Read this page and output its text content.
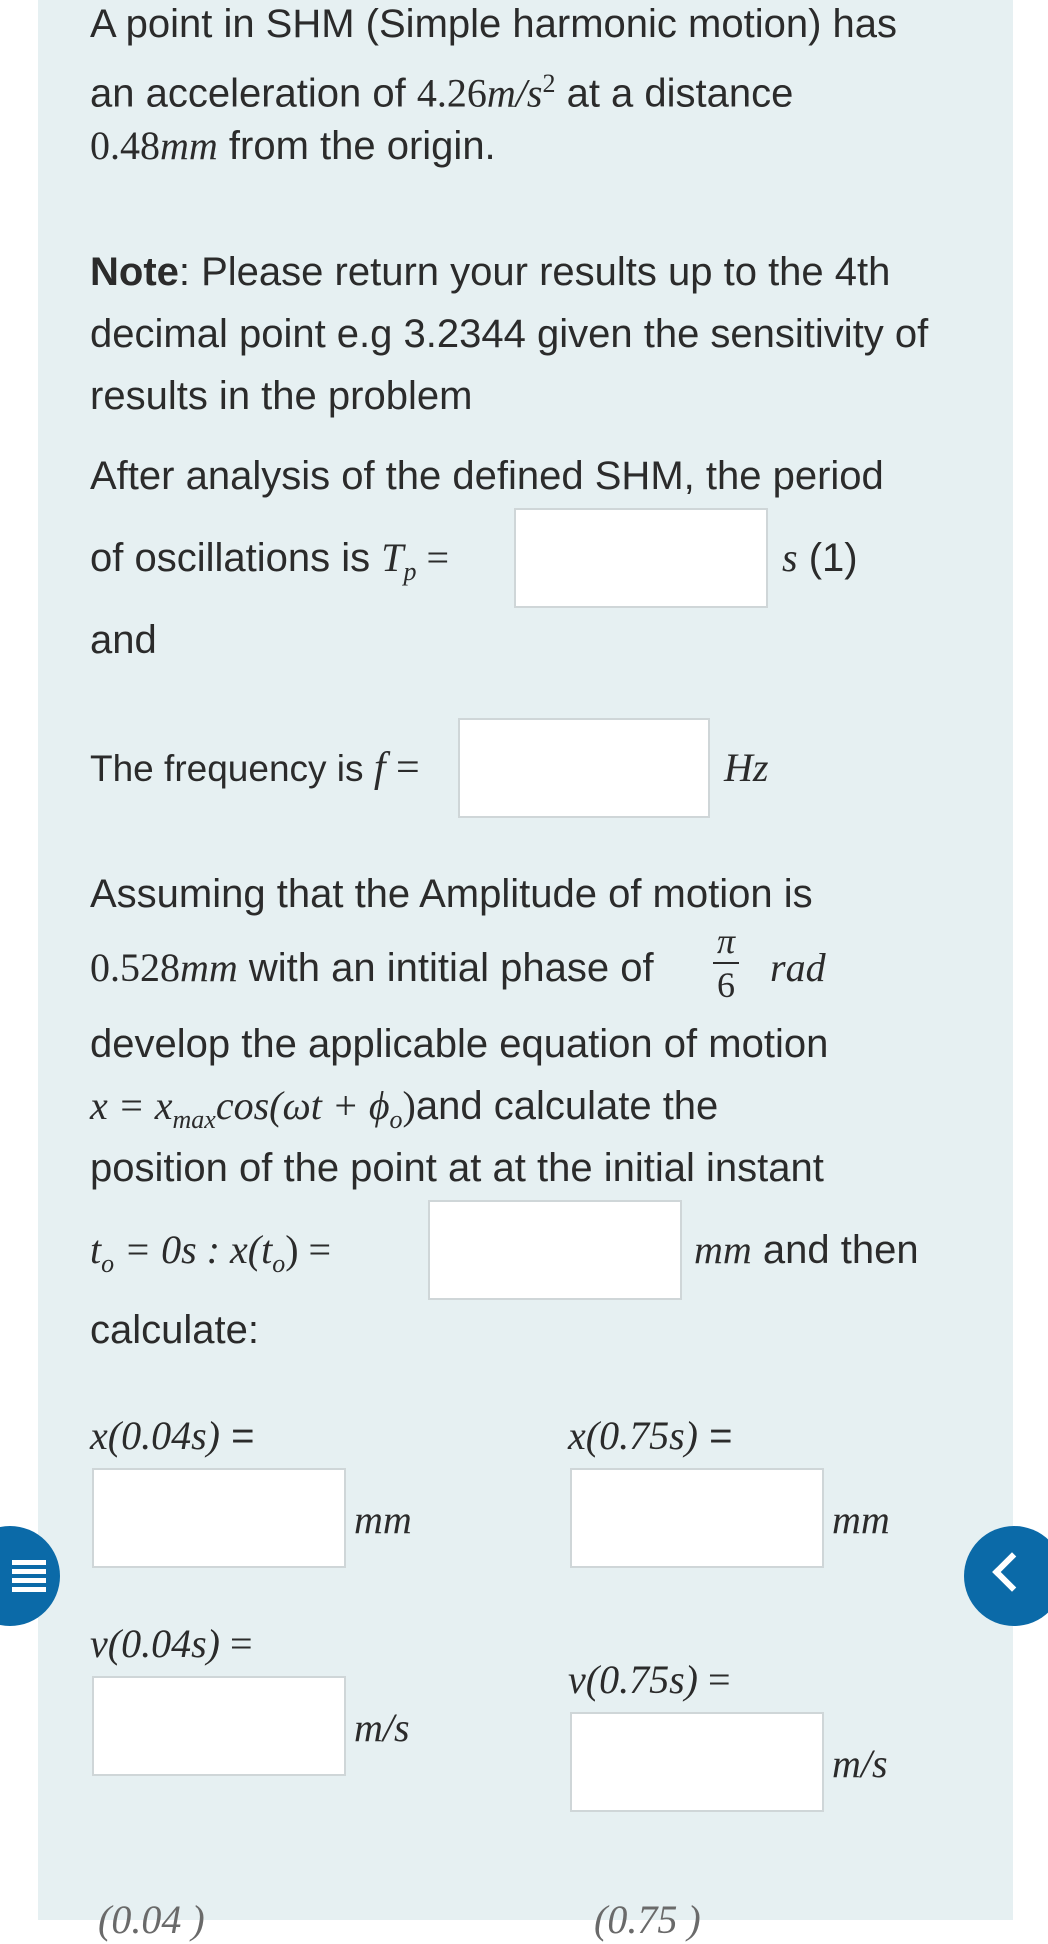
A point in SHM (Simple harmonic motion) has
an acceleration of $4.26m/s^2$ at a distance
0.48mm from the origin.
Note: Please return your results up to the 4th
decimal point e.g 3.2344 given the sensitivity of
results in the problem
After analysis of the defined SHM, the period
of oscillations is $T_p$ =	s (1)
and
The frequency is f =	Hz
Assuming that the Amplitude of motion is
0.528mm with an intitial phase of $\frac{\pi}{6}$ rad
develop the applicable equation of motion
$x = x_{max}\cos(\omega t + \phi_o)and$ calculate the
position of the point at at the initial instant
$t_o = 0s$ : $x(t_o)$ =	mm and then
calculate:
x(0.04s) =
mm
x(0.75s) =
mm
v(0.04s) =
m/s
v(0.75s) =
m/s
(0.04 )	(0.75 )
